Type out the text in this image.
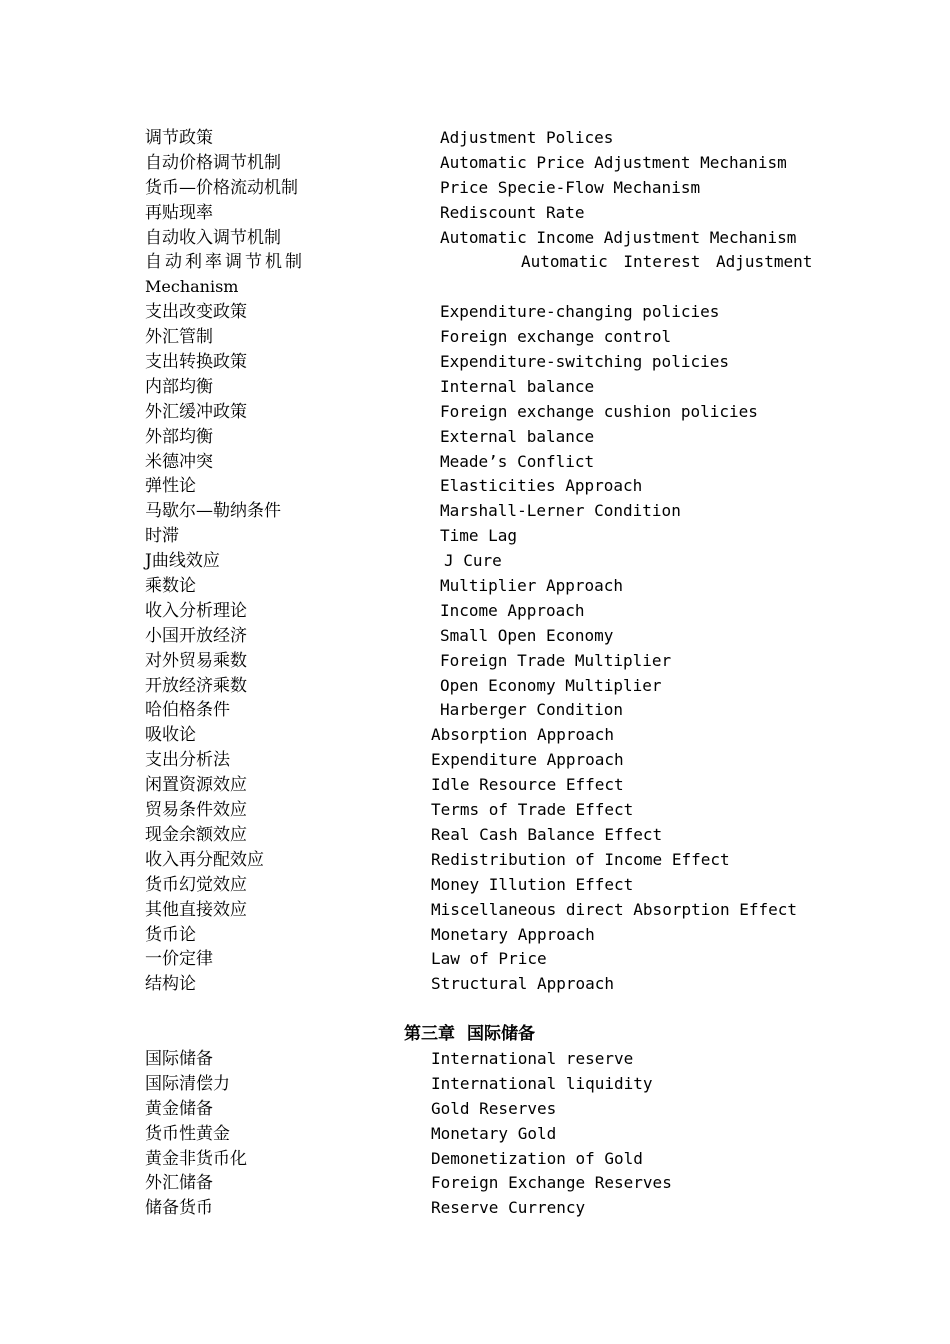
调节政策	Adjustment Polices
自动价格调节机制	Automatic Price Adjustment Mechanism
货币—价格流动机制	Price Specie-Flow Mechanism
再贴现率	Rediscount Rate
自动收入调节机制	Automatic Income Adjustment Mechanism
自动利率调节机制	Automatic Interest Adjustment
Mechanism
支出改变政策	Expenditure-changing policies
外汇管制	Foreign exchange control
支出转换政策	Expenditure-switching policies
内部均衡	Internal balance
外汇缓冲政策	Foreign exchange cushion policies
外部均衡	External balance
米德冲突	Meade’s Conflict
弹性论	Elasticities Approach
马歇尔—勒纳条件	Marshall-Lerner Condition
时滞	Time Lag
J曲线效应	J Cure
乘数论	Multiplier Approach
收入分析理论	Income Approach
小国开放经济	Small Open Economy
对外贸易乘数	Foreign Trade Multiplier
开放经济乘数	Open Economy Multiplier
哈伯格条件	Harberger Condition
吸收论	Absorption Approach
支出分析法	Expenditure Approach
闲置资源效应	Idle Resource Effect
贸易条件效应	Terms of Trade Effect
现金余额效应	Real Cash Balance Effect
收入再分配效应	Redistribution of Income Effect
货币幻觉效应	Money Illution Effect
其他直接效应	Miscellaneous direct Absorption Effect
货币论	Monetary Approach
一价定律	Law of Price
结构论	Structural Approach
第三章 国际储备
国际储备	International reserve
国际清偿力	International liquidity
黄金储备	Gold Reserves
货币性黄金	Monetary Gold
黄金非货币化	Demonetization of Gold
外汇储备	Foreign Exchange Reserves
储备货币	Reserve Currency
